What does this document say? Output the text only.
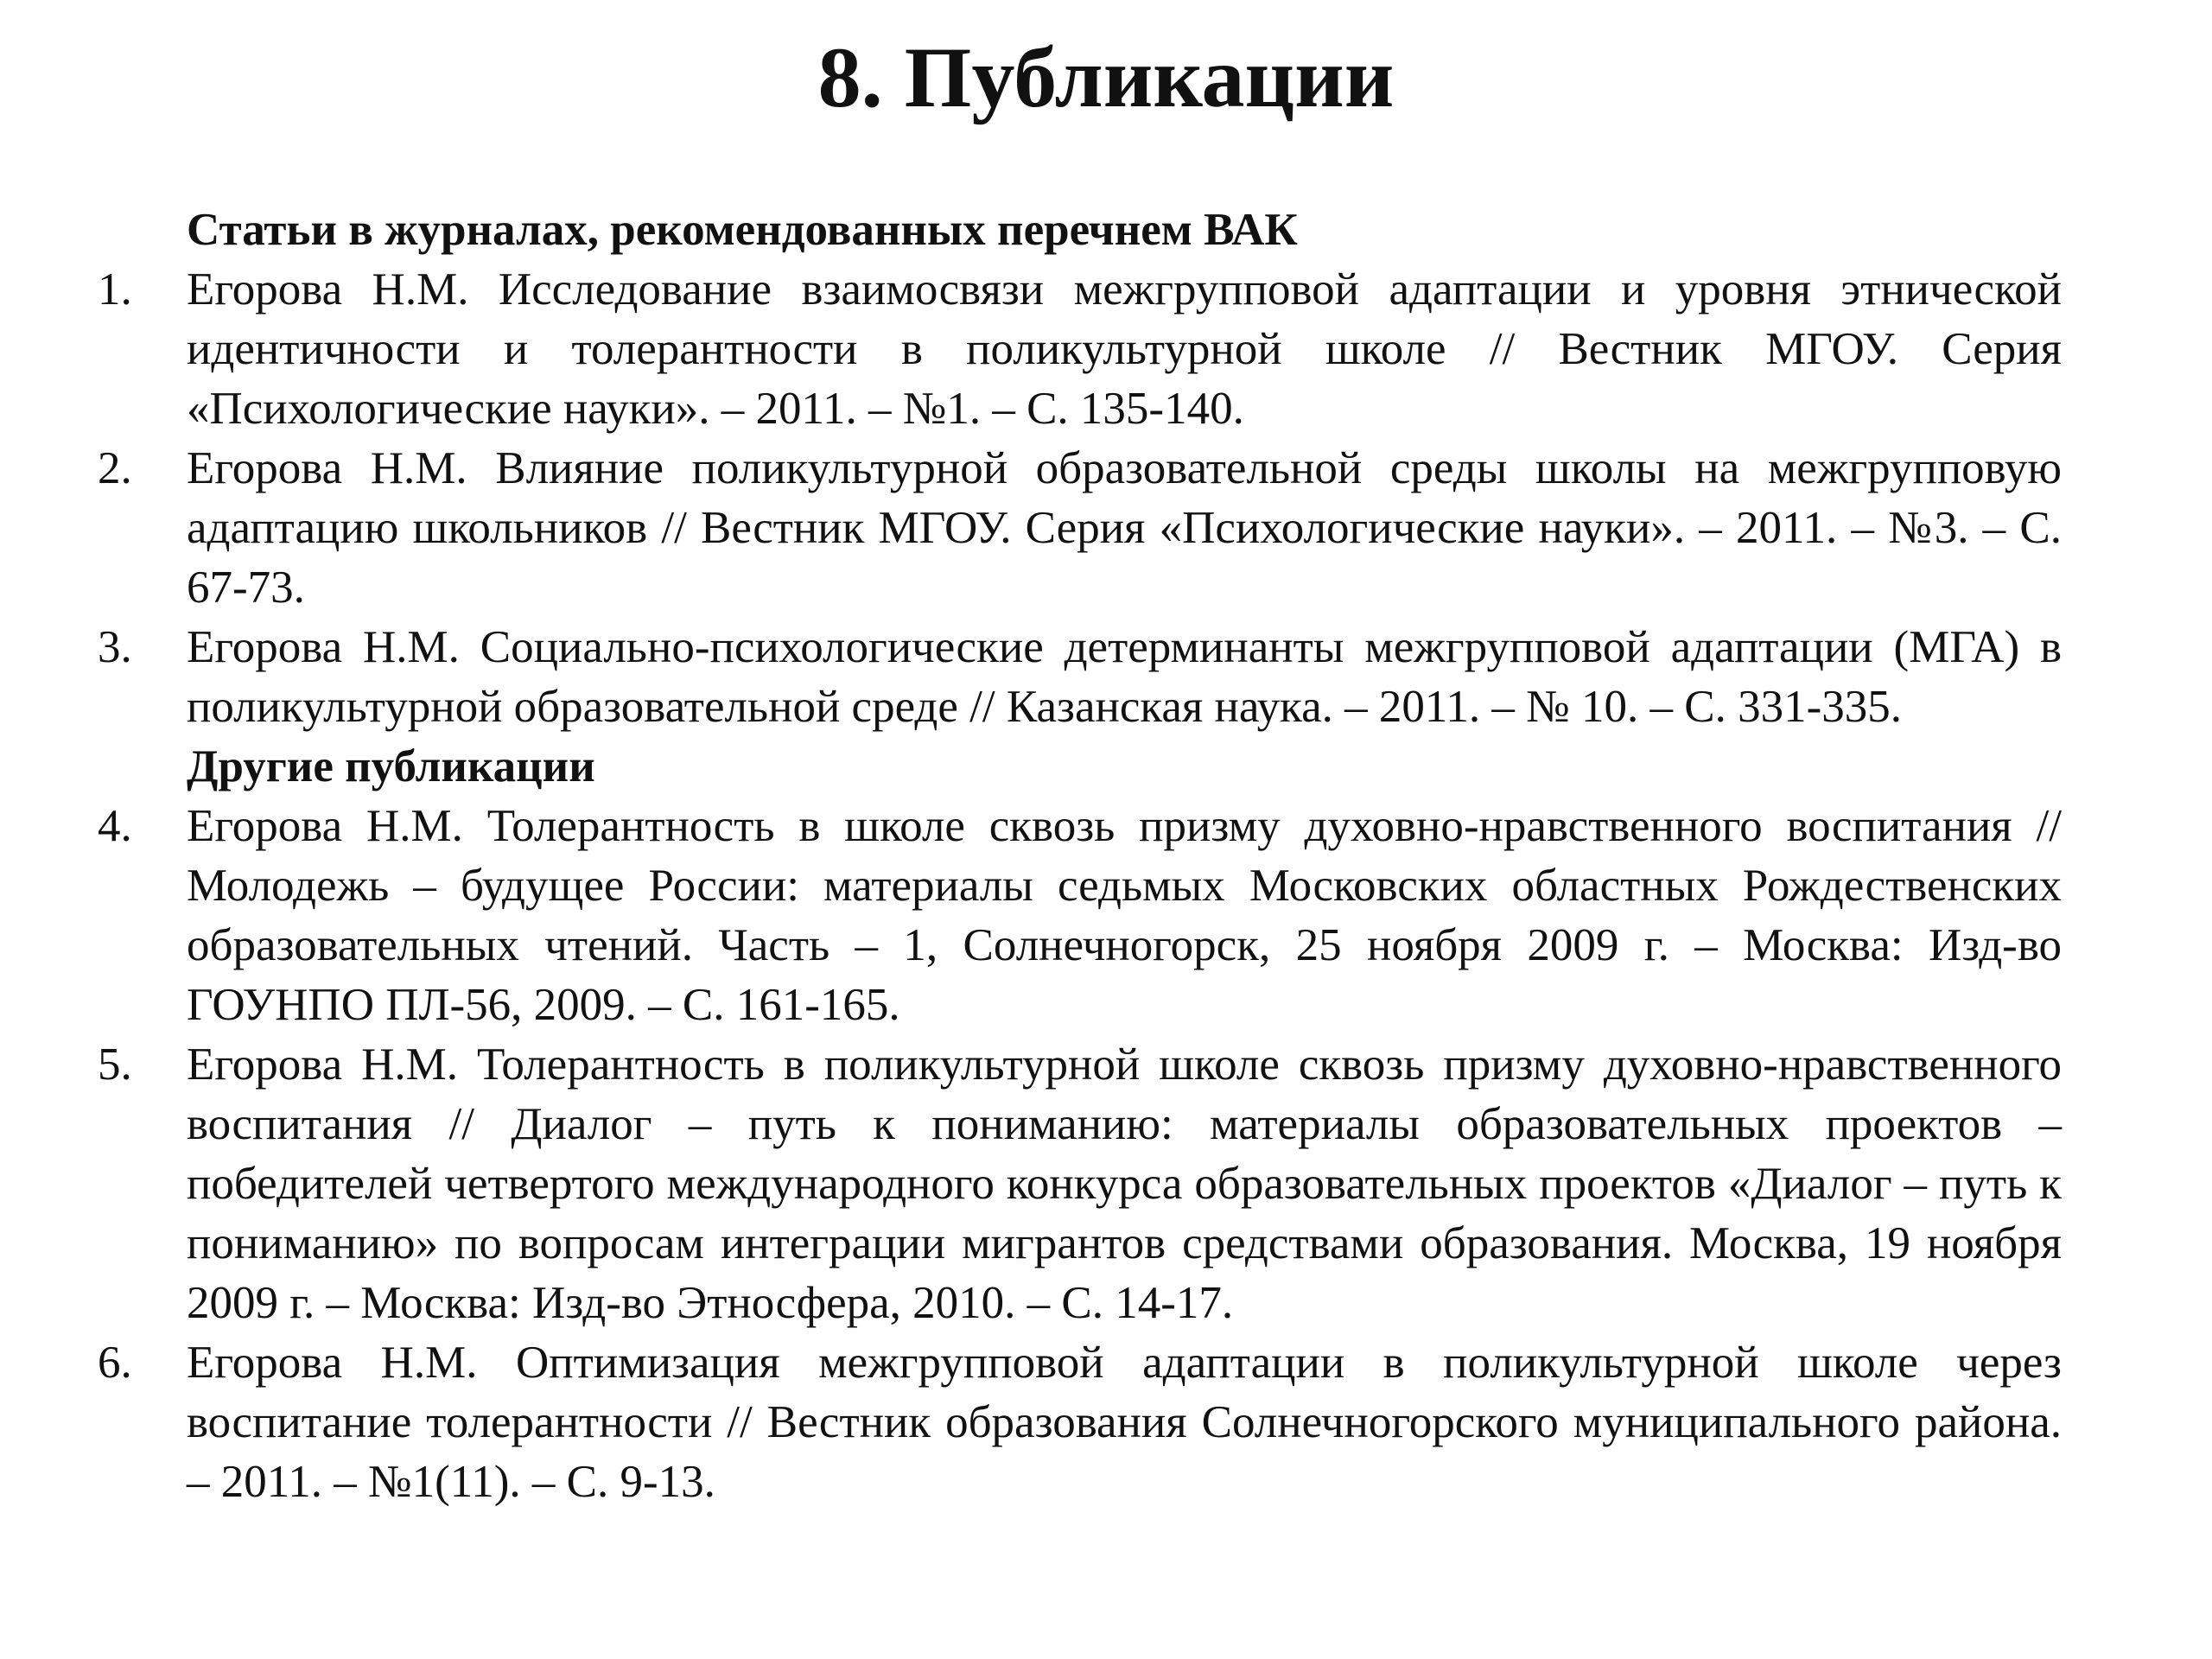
8. Публикации
Статьи в журналах, рекомендованных перечнем ВАК
1. Егорова Н.М. Исследование взаимосвязи межгрупповой адаптации и уровня этнической идентичности и толерантности в поликультурной школе // Вестник МГОУ. Серия «Психологические науки». – 2011. – №1. – С. 135-140.
2. Егорова Н.М. Влияние поликультурной образовательной среды школы на межгрупповую адаптацию школьников // Вестник МГОУ. Серия «Психологические науки». – 2011. – №3. – С. 67-73.
3. Егорова Н.М. Социально-психологические детерминанты межгрупповой адаптации (МГА) в поликультурной образовательной среде // Казанская наука. – 2011. – № 10. – С. 331-335.
Другие публикации
4. Егорова Н.М. Толерантность в школе сквозь призму духовно-нравственного воспитания // Молодежь – будущее России: материалы седьмых Московских областных Рождественских образовательных чтений. Часть – 1, Солнечногорск, 25 ноября 2009 г. – Москва: Изд-во ГОУНПО ПЛ-56, 2009. – С. 161-165.
5. Егорова Н.М. Толерантность в поликультурной школе сквозь призму духовно-нравственного воспитания // Диалог – путь к пониманию: материалы образовательных проектов – победителей четвертого международного конкурса образовательных проектов «Диалог – путь к пониманию» по вопросам интеграции мигрантов средствами образования. Москва, 19 ноября 2009 г. – Москва: Изд-во Этносфера, 2010. – С. 14-17.
6. Егорова Н.М. Оптимизация межгрупповой адаптации в поликультурной школе через воспитание толерантности // Вестник образования Солнечногорского муниципального района. – 2011. – №1(11). – С. 9-13.
